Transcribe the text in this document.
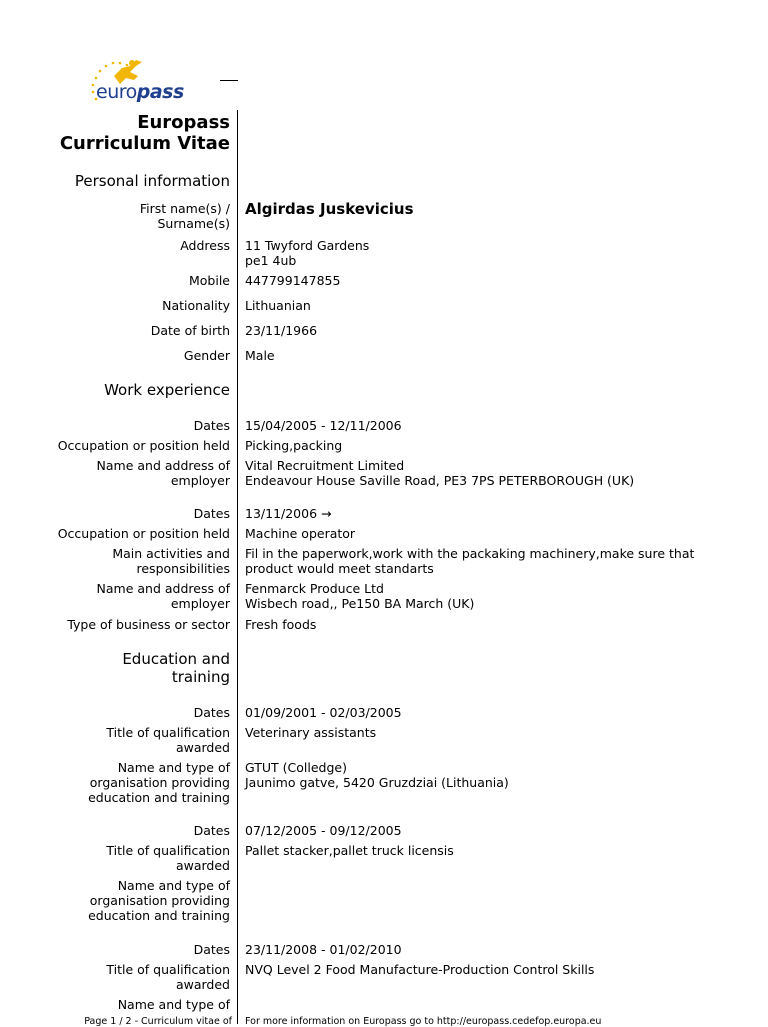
europass
Europass
Curriculum Vitae
Personal information
First name(s) /
Surname(s)
Algirdas Juskevicius
Address 11 Twyford Gardens
pe1 4ub
Mobile 447799147855
Nationality Lithuanian
Date of birth 23/11/1966
Gender Male
Work experience
Dates 15/04/2005 - 12/11/2006
Occupation or position held Picking,packing
Name and address of
employer
Vital Recruitment Limited
Endeavour House Saville Road, PE3 7PS PETERBOROUGH (UK)
Dates 13/11/2006 →
Occupation or position held Machine operator
Main activities and
responsibilities
Fil in the paperwork,work with the packaking machinery,make sure that
product would meet standarts
Name and address of
employer
Fenmarck Produce Ltd
Wisbech road,, Pe150 BA March (UK)
Type of business or sector Fresh foods
Education and
training
Dates 01/09/2001 - 02/03/2005
Title of qualification
awarded
Veterinary assistants
Name and type of
organisation providing
education and training
GTUT (Colledge)
Jaunimo gatve, 5420 Gruzdziai (Lithuania)
Dates 07/12/2005 - 09/12/2005
Title of qualification
awarded
Pallet stacker,pallet truck licensis
Name and type of
organisation providing
education and training
Dates 23/11/2008 - 01/02/2010
Title of qualification
awarded
NVQ Level 2 Food Manufacture-Production Control Skills
Name and type of
Page 1 / 2 - Curriculum vitae of For more information on Europass go to http://europass.cedefop.europa.eu
